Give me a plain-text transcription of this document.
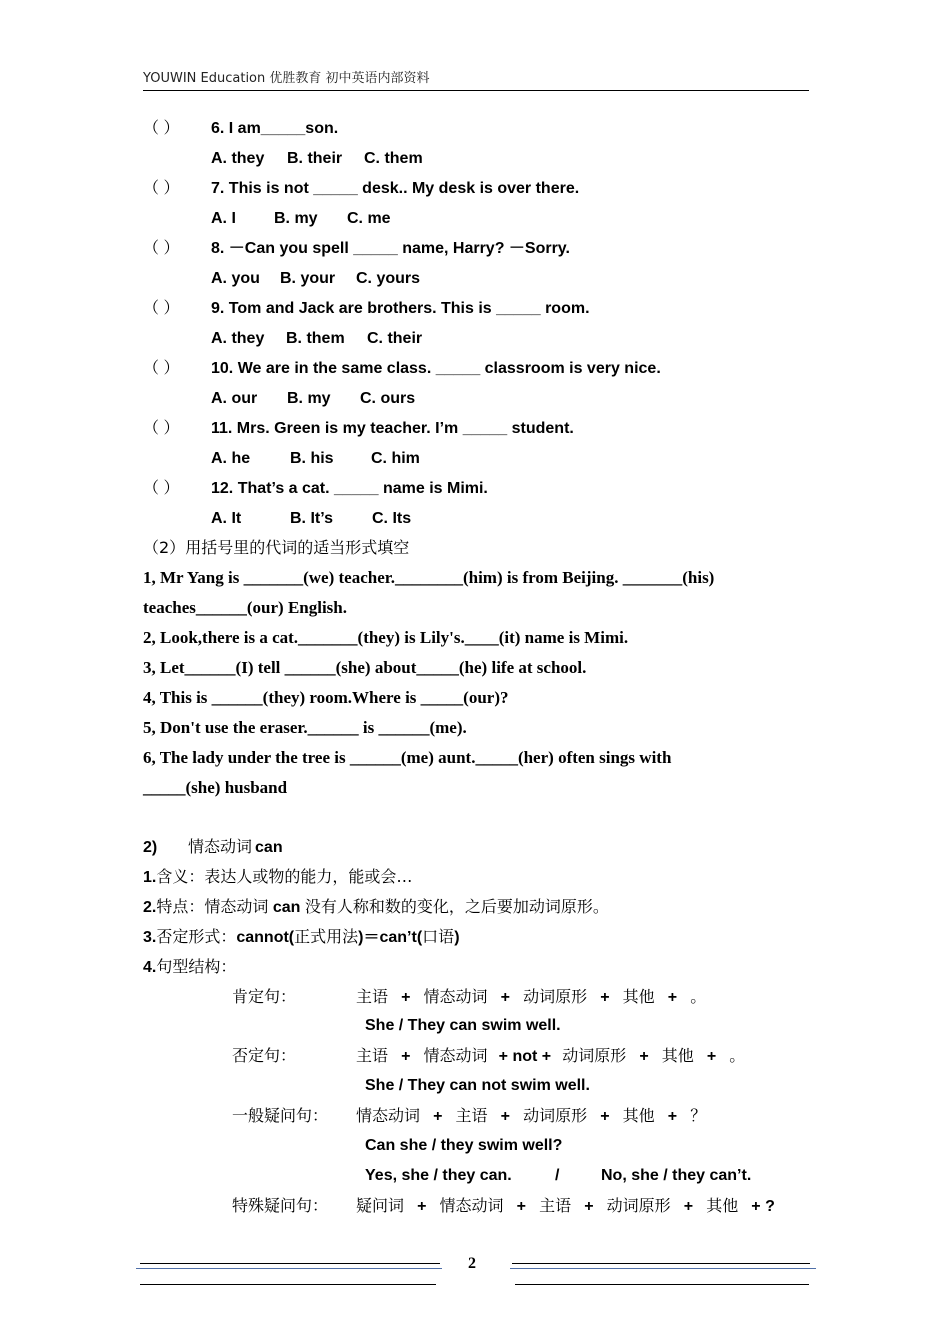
YOUWIN Education 优胜教育 初中英语内部资料
（ ）	6. I am_____son.
A. they B. their C. them
（ ）	7. This is not _____ desk.. My desk is over there.
A. I B. my C. me
（ ）	8. －Can you spell _____ name, Harry? －Sorry.
A. you B. your C. yours
（ ）	9. Tom and Jack are brothers. This is _____ room.
A. they B. them C. their
（ ）	10. We are in the same class. _____ classroom is very nice.
A. our B. my C. ours
（ ）	11. Mrs. Green is my teacher. I’m _____ student.
A. he B. his C. him
（ ）	12. That’s a cat. _____ name is Mimi.
A. It	B. It’s C. Its
（2）用括号里的代词的适当形式填空
1, Mr Yang is _______(we) teacher.________(him) is from Beijing. _______(his)
teaches______(our) English.
2, Look,there is a cat._______(they) is Lily's.____(it) name is Mimi.
3, Let______(I) tell ______(she) about_____(he) life at school.
4, This is ______(they) room.Where is _____(our)?
5, Don't use the eraser.______ is ______(me).
6, The lady under the tree is ______(me) aunt._____(her) often sings with
_____(she) husband
2) 情态动词 can
1.含义：表达人或物的能力，能或会…
2.特点：情态动词 can 没有人称和数的变化，之后要加动词原形。
3.否定形式：cannot(正式用法)＝can’t(口语)
4.句型结构：
肯定句：	主语 + 情态动词 + 动词原形 + 其他 + 。
She / They can swim well.
否定句：	主语 + 情态动词 + not + 动词原形 + 其他 + 。
She / They can not swim well.
一般疑问句： 情态动词 + 主语 + 动词原形 + 其他 + ？
Can she / they swim well?
Yes, she / they can.	/	No, she / they can’t.
特殊疑问句： 疑问词 + 情态动词 + 主语 + 动词原形 + 其他 + ?
2
